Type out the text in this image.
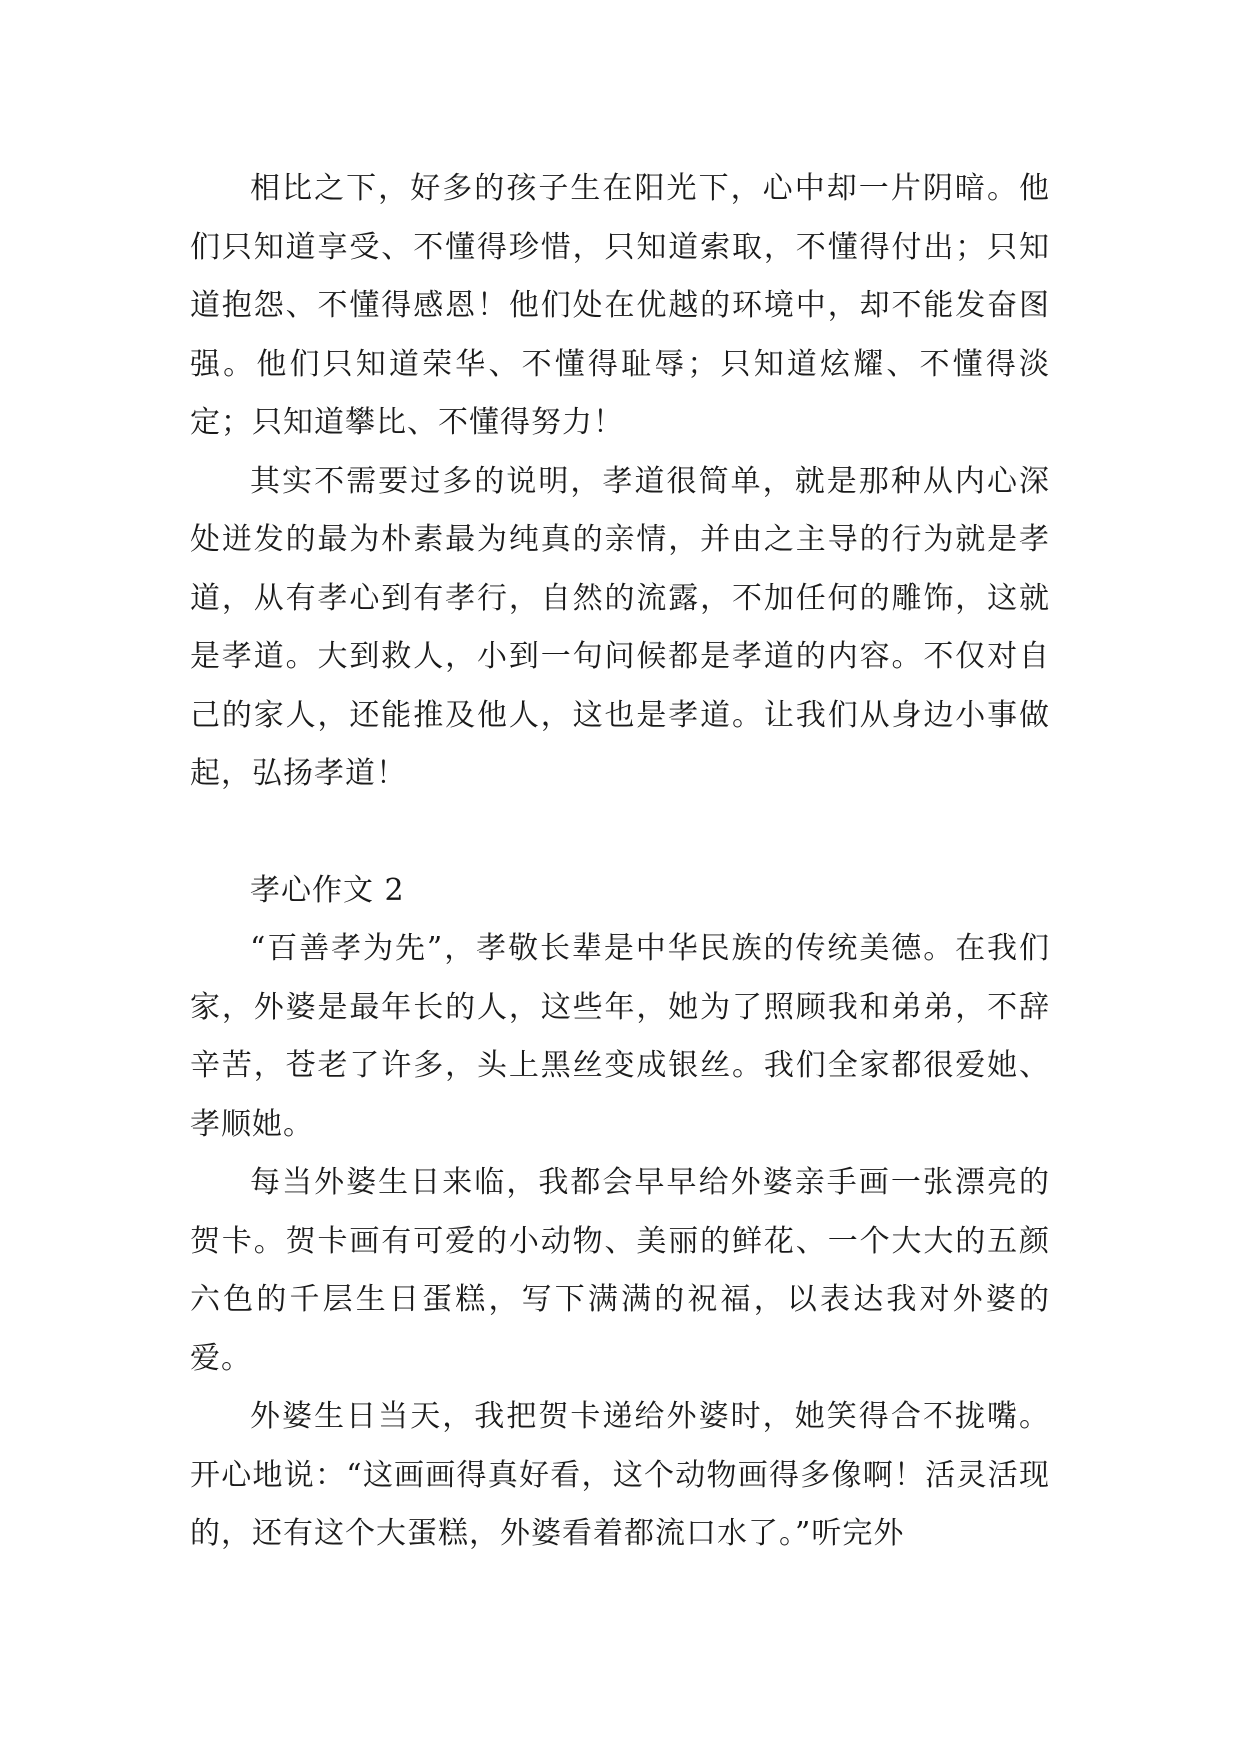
相比之下，好多的孩子生在阳光下，心中却一片阴暗。他们只知道享受、不懂得珍惜，只知道索取，不懂得付出；只知道抱怨、不懂得感恩！他们处在优越的环境中，却不能发奋图强。他们只知道荣华、不懂得耻辱；只知道炫耀、不懂得淡定；只知道攀比、不懂得努力！

其实不需要过多的说明，孝道很简单，就是那种从内心深处迸发的最为朴素最为纯真的亲情，并由之主导的行为就是孝道，从有孝心到有孝行，自然的流露，不加任何的雕饰，这就是孝道。大到救人，小到一句问候都是孝道的内容。不仅对自己的家人，还能推及他人，这也是孝道。让我们从身边小事做起，弘扬孝道！

孝心作文 2

“百善孝为先”，孝敬长辈是中华民族的传统美德。在我们家，外婆是最年长的人，这些年，她为了照顾我和弟弟，不辞辛苦，苍老了许多，头上黑丝变成银丝。我们全家都很爱她、孝顺她。

每当外婆生日来临，我都会早早给外婆亲手画一张漂亮的贺卡。贺卡画有可爱的小动物、美丽的鲜花、一个大大的五颜六色的千层生日蛋糕，写下满满的祝福，以表达我对外婆的爱。

外婆生日当天，我把贺卡递给外婆时，她笑得合不拢嘴。开心地说：“这画画得真好看，这个动物画得多像啊！活灵活现的，还有这个大蛋糕，外婆看着都流口水了。”听完外
